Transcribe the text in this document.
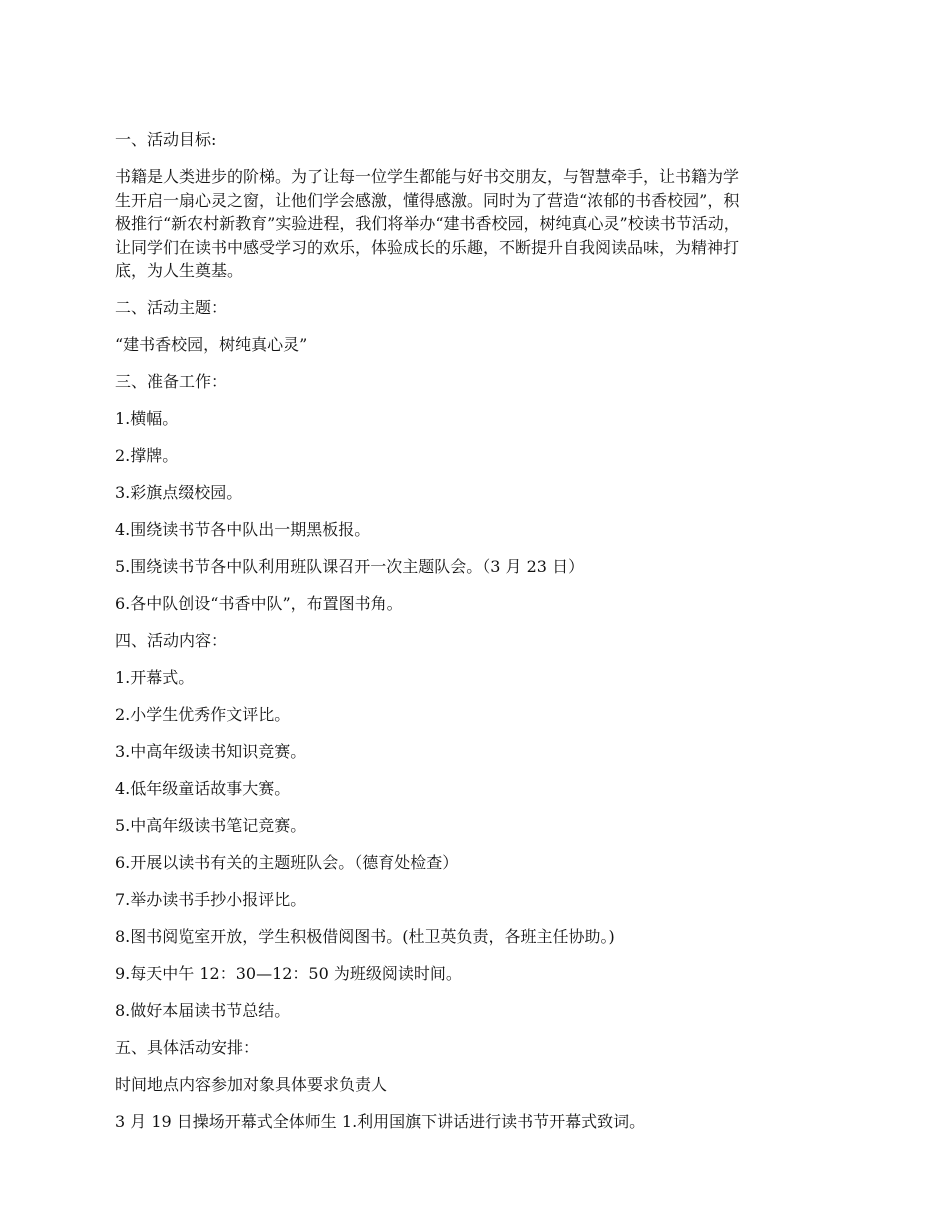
一、活动目标:
书籍是人类进步的阶梯。为了让每一位学生都能与好书交朋友，与智慧牵手，让书籍为学
生开启一扇心灵之窗，让他们学会感激，懂得感激。同时为了营造“浓郁的书香校园”，积
极推行“新农村新教育”实验进程，我们将举办“建书香校园，树纯真心灵”校读书节活动，
让同学们在读书中感受学习的欢乐，体验成长的乐趣，不断提升自我阅读品味，为精神打
底，为人生奠基。
二、活动主题：
“建书香校园，树纯真心灵”
三、准备工作：
1.横幅。
2.撑牌。
3.彩旗点缀校园。
4.围绕读书节各中队出一期黑板报。
5.围绕读书节各中队利用班队课召开一次主题队会。（3 月 23 日）
6.各中队创设“书香中队”，布置图书角。
四、活动内容：
1.开幕式。
2.小学生优秀作文评比。
3.中高年级读书知识竞赛。
4.低年级童话故事大赛。
5.中高年级读书笔记竞赛。
6.开展以读书有关的主题班队会。（德育处检查）
7.举办读书手抄小报评比。
8.图书阅览室开放，学生积极借阅图书。(杜卫英负责，各班主任协助。)
9.每天中午 12：30—12：50 为班级阅读时间。
8.做好本届读书节总结。
五、具体活动安排：
时间地点内容参加对象具体要求负责人
3 月 19 日操场开幕式全体师生 1.利用国旗下讲话进行读书节开幕式致词。
